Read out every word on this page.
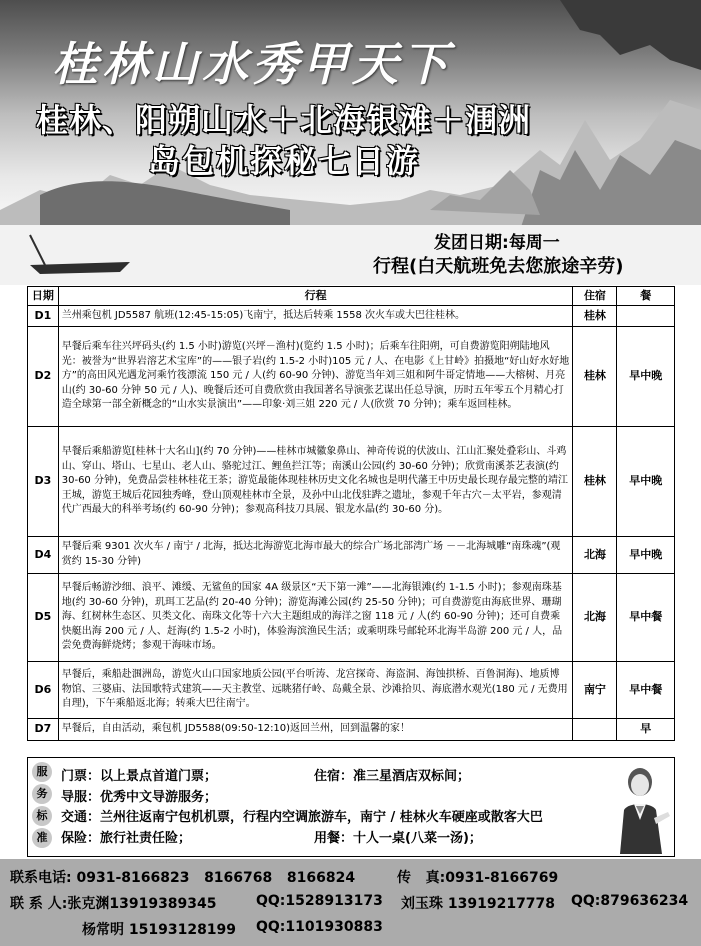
桂林山水秀甲天下
桂林、阳朔山水＋北海银滩＋涠洲
岛包机探秘七日游
发团日期:每周一
行程(白天航班免去您旅途辛劳)
日期	行程	住宿	餐
D1	兰州乘包机 JD5587 航班(12:45-15:05)飞南宁，抵达后转乘 1558 次火车或大巴往桂林。	桂林	
D2	早餐后乘车往兴坪码头(约 1.5 小时)游览(兴坪－渔村)(览约 1.5 小时)；后乘车往阳朔，可自费游览阳朔陆地风光：被誉为“世界岩溶艺术宝库”的——银子岩(约 1.5-2 小时)105 元 / 人、在电影《上甘岭》拍摄地“好山好水好地方”的高田风光遇龙河乘竹筏漂流 150 元 / 人(约 60-90 分钟)、游览当年刘三姐和阿牛哥定情地——大榕树、月亮山(约 30-60 分钟 50 元 / 人)、晚餐后还可自费欣赏由我国著名导演张艺谋出任总导演，历时五年零五个月精心打造全球第一部全新概念的“山水实景演出”——印象·刘三姐 220 元 / 人(欣赏 70 分钟)；乘车返回桂林。	桂林	早中晚
D3	早餐后乘船游览[桂林十大名山](约 70 分钟)——桂林市城徽象鼻山、神奇传说的伏波山、江山汇聚处叠彩山、斗鸡山、穿山、塔山、七星山、老人山、骆驼过江、鲤鱼拦江等；南溪山公园(约 30-60 分钟)；欣赏南溪茶艺表演(约 30-60 分钟)，免费品尝桂林桂花王茶；游览最能体现桂林历史文化名城也是明代藩王中历史最长现存最完整的靖江王城，游览王城后花园独秀峰，登山顶观桂林市全景，及孙中山北伐驻跸之遗址，参观千年古穴－太平岩，参观清代广西最大的科举考场(约 60-90 分钟)；参观高科技刀具展、银龙水晶(约 30-60 分)。	桂林	早中晚
D4	早餐后乘 9301 次火车 / 南宁 / 北海，抵达北海游览北海市最大的综合广场北部湾广场 －－北海城雕“南珠魂”(观赏约 15-30 分钟)	北海	早中晚
D5	早餐后畅游沙细、浪平、滩缓、无鲨鱼的国家 4A 级景区“天下第一滩”——北海银滩(约 1-1.5 小时)；参观南珠基地(约 30-60 分钟)，玑珥工艺品(约 20-40 分钟)；游览海滩公园(约 25-50 分钟)；可自费游览由海底世界、珊瑚海、红树林生态区、贝类文化、南珠文化等十六大主题组成的海洋之窗 118 元 / 人(约 60-90 分钟)；还可自费乘快艇出海 200 元 / 人、赶海(约 1.5-2 小时)，体验海滨渔民生活；或乘明珠号邮轮环北海半岛游 200 元 / 人，品尝免费海鲜烧烤；参观干海味市场。	北海	早中餐
D6	早餐后，乘船赴涠洲岛，游览火山口国家地质公园(平台听涛、龙宫探奇、海盗洞、海蚀拱桥、百鲁洞海)、地质博物馆、三婆庙、法国歌特式建筑——天主教堂、远眺猪仔岭、岛戴全景、沙滩拾贝、海底潜水观光(180 元 / 无费用自理)，下午乘船返北海；转乘大巴往南宁。	南宁	早中餐
D7	早餐后，自由活动，乘包机 JD5588(09:50-12:10)返回兰州，回到温馨的家！		早
服
务
标
准
门票：以上景点首道门票；	住宿：准三星酒店双标间；
导服：优秀中文导游服务；
交通：兰州往返南宁包机机票，行程内空调旅游车，南宁 / 桂林火车硬座或散客大巴
保险：旅行社责任险；	用餐：十人一桌(八菜一汤)；
联系电话: 0931-8166823   8166768   8166824	传   真:0931-8166769
联 系 人:张克渊13919389345	QQ:1528913173 刘玉珠 13919217778 QQ:879636234
杨常明 15193128199 QQ:1101930883
